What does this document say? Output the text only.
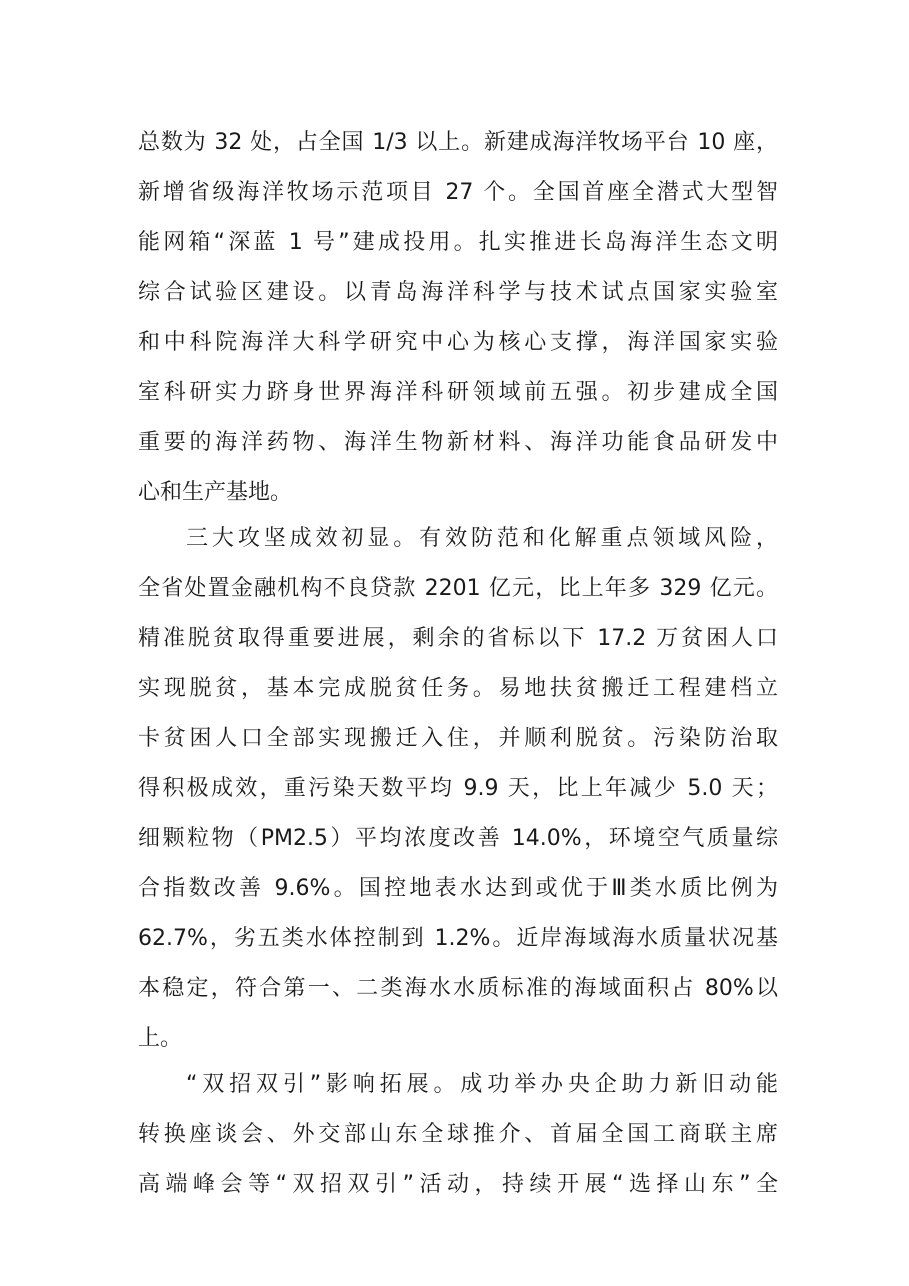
总数为 32 处，占全国 1/3 以上。新建成海洋牧场平台 10 座，
新增省级海洋牧场示范项目 27 个。全国首座全潜式大型智
能网箱“深蓝 1 号”建成投用。扎实推进长岛海洋生态文明
综合试验区建设。以青岛海洋科学与技术试点国家实验室
和中科院海洋大科学研究中心为核心支撑，海洋国家实验
室科研实力跻身世界海洋科研领域前五强。初步建成全国
重要的海洋药物、海洋生物新材料、海洋功能食品研发中
心和生产基地。
三大攻坚成效初显。有效防范和化解重点领域风险，
全省处置金融机构不良贷款 2201 亿元，比上年多 329 亿元。
精准脱贫取得重要进展，剩余的省标以下 17.2 万贫困人口
实现脱贫，基本完成脱贫任务。易地扶贫搬迁工程建档立
卡贫困人口全部实现搬迁入住，并顺利脱贫。污染防治取
得积极成效，重污染天数平均 9.9 天，比上年减少 5.0 天；
细颗粒物（PM2.5）平均浓度改善 14.0%，环境空气质量综
合指数改善 9.6%。国控地表水达到或优于Ⅲ类水质比例为
62.7%，劣五类水体控制到 1.2%。近岸海域海水质量状况基
本稳定，符合第一、二类海水水质标准的海域面积占 80%以
上。
“双招双引”影响拓展。成功举办央企助力新旧动能
转换座谈会、外交部山东全球推介、首届全国工商联主席
高端峰会等“双招双引”活动，持续开展“选择山东”全
